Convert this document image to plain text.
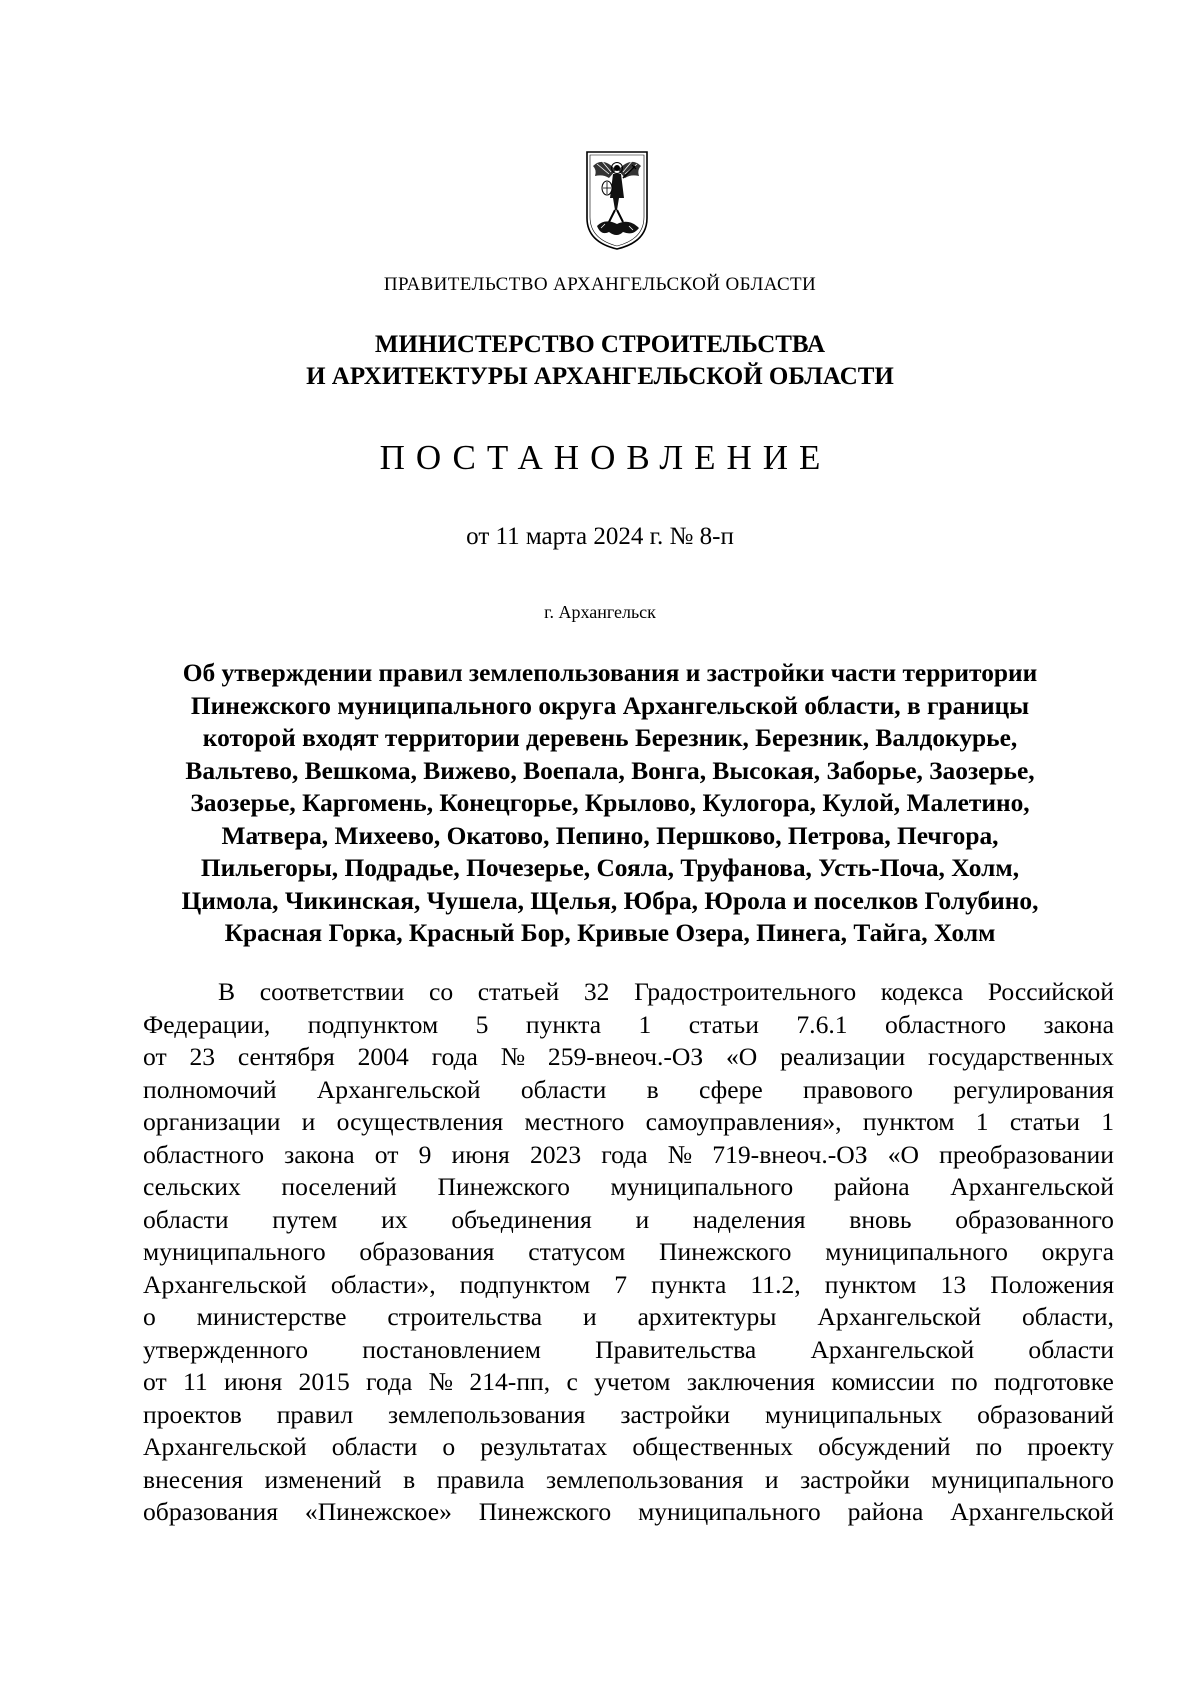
ПРАВИТЕЛЬСТВО АРХАНГЕЛЬСКОЙ ОБЛАСТИ
МИНИСТЕРСТВО СТРОИТЕЛЬСТВА
И АРХИТЕКТУРЫ АРХАНГЕЛЬСКОЙ ОБЛАСТИ
ПОСТАНОВЛЕНИЕ
от 11 марта 2024 г. № 8-п
г. Архангельск
Об утверждении правил землепользования и застройки части территории
Пинежского муниципального округа Архангельской области, в границы
которой входят территории деревень Березник, Березник, Валдокурье,
Вальтево, Вешкома, Вижево, Воепала, Вонга, Высокая, Заборье, Заозерье,
Заозерье, Каргомень, Конецгорье, Крылово, Кулогора, Кулой, Малетино,
Матвера, Михеево, Окатово, Пепино, Першково, Петрова, Печгора,
Пильегоры, Подрадье, Почезерье, Сояла, Труфанова, Усть-Поча, Холм,
Цимола, Чикинская, Чушела, Щелья, Юбра, Юрола и поселков Голубино,
Красная Горка, Красный Бор, Кривые Озера, Пинега, Тайга, Холм
В соответствии со статьей 32 Градостроительного кодекса Российской
Федерации, подпунктом 5 пункта 1 статьи 7.6.1 областного закона
от 23 сентября 2004 года № 259-внеоч.-ОЗ «О реализации государственных
полномочий Архангельской области в сфере правового регулирования
организации и осуществления местного самоуправления», пунктом 1 статьи 1
областного закона от 9 июня 2023 года № 719-внеоч.-ОЗ «О преобразовании
сельских поселений Пинежского муниципального района Архангельской
области путем их объединения и наделения вновь образованного
муниципального образования статусом Пинежского муниципального округа
Архангельской области», подпунктом 7 пункта 11.2, пунктом 13 Положения
о министерстве строительства и архитектуры Архангельской области,
утвержденного постановлением Правительства Архангельской области
от 11 июня 2015 года № 214-пп, с учетом заключения комиссии по подготовке
проектов правил землепользования застройки муниципальных образований
Архангельской области о результатах общественных обсуждений по проекту
внесения изменений в правила землепользования и застройки муниципального
образования «Пинежское» Пинежского муниципального района Архангельской
